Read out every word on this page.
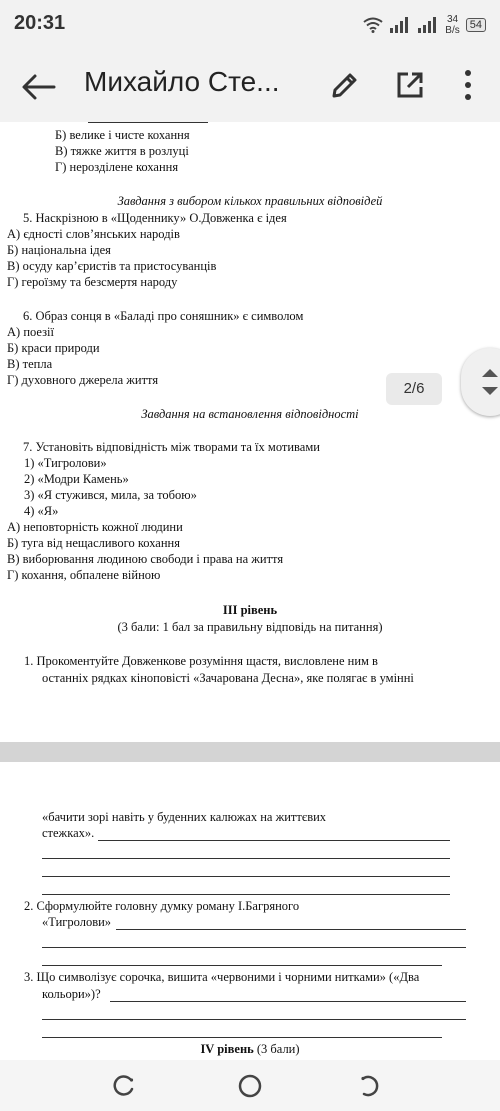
20:31	34
B/s 54
Михайло Сте...
Б) велике і чисте кохання
В) тяжке життя в розлуці
Г) нерозділене кохання
Завдання з вибором кількох правильних відповідей
5. Наскрізною в «Щоденнику» О.Довженка є ідея
А) єдності слов’янських народів
Б) національна ідея
В) осуду кар’єристів та пристосуванців
Г) героїзму та безсмертя народу
6. Образ сонця в «Баладі про соняшник» є символом
А) поезії
Б) краси природи
В) тепла
Г) духовного джерела життя
Завдання на встановлення відповідності
7. Установіть відповідність між творами та їх мотивами
1) «Тигролови»
2) «Модри Камень»
3) «Я стужився, мила, за тобою»
4) «Я»
А) неповторність кожної людини
Б) туга від нещасливого кохання
В) виборювання людиною свободи і права на життя
Г) кохання, обпалене війною
ІІІ рівень
(3 бали: 1 бал за правильну відповідь на питання)
1. Прокоментуйте Довженкове розуміння щастя, висловлене ним в
останніх рядках кіноповісті «Зачарована Десна», яке полягає в умінні
2/6
«бачити зорі навіть у буденних калюжах на життєвих
стежках».
2. Сформулюйте головну думку роману І.Багряного
«Тигролови»
3. Що символізує сорочка, вишита «червоними і чорними нитками» («Два
кольори»)?
IV рівень (3 бали)
